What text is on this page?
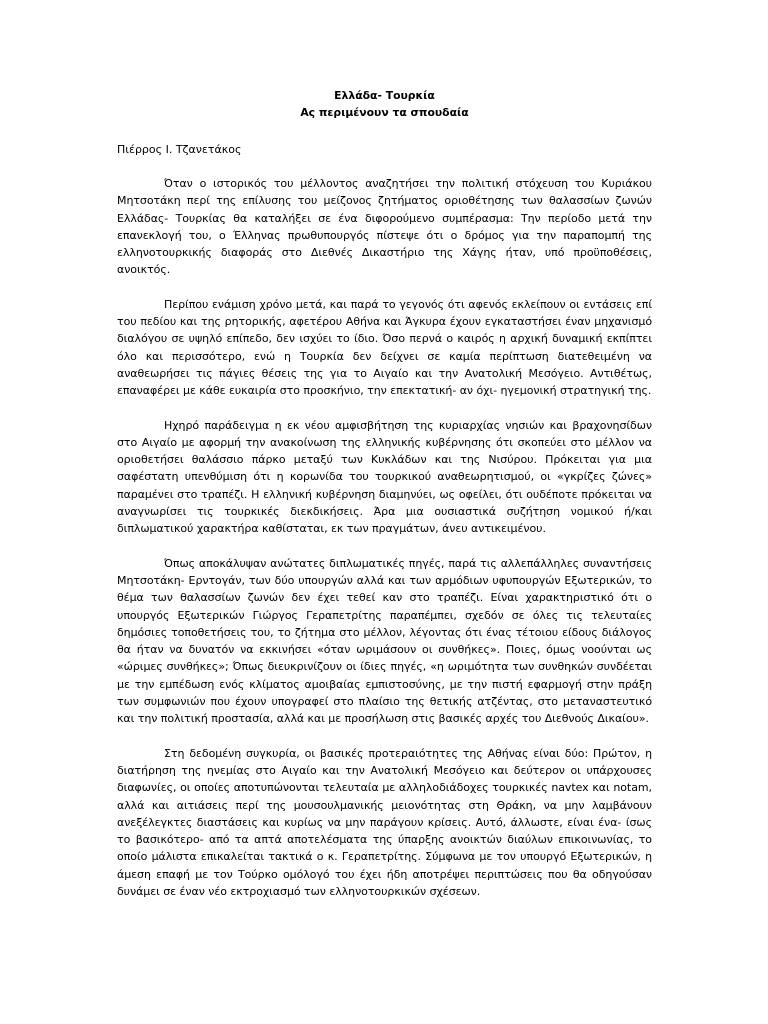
Ελλάδα- Τουρκία

Ας περιμένουν τα σπουδαία

Πιέρρος Ι. Τζανετάκος

Όταν ο ιστορικός του μέλλοντος αναζητήσει την πολιτική στόχευση του Κυριάκου Μητσοτάκη περί της επίλυσης του μείζονος ζητήματος οριοθέτησης των θαλασσίων ζωνών Ελλάδας- Τουρκίας θα καταλήξει σε ένα διφορούμενο συμπέρασμα: Την περίοδο μετά την επανεκλογή του, ο Έλληνας πρωθυπουργός πίστεψε ότι ο δρόμος για την παραπομπή της ελληνοτουρκικής διαφοράς στο Διεθνές Δικαστήριο της Χάγης ήταν, υπό προϋποθέσεις, ανοικτός.

Περίπου ενάμιση χρόνο μετά, και παρά το γεγονός ότι αφενός εκλείπουν οι εντάσεις επί του πεδίου και της ρητορικής, αφετέρου Αθήνα και Άγκυρα έχουν εγκαταστήσει έναν μηχανισμό διαλόγου σε υψηλό επίπεδο, δεν ισχύει το ίδιο. Όσο περνά ο καιρός η αρχική δυναμική εκπίπτει όλο και περισσότερο, ενώ η Τουρκία δεν δείχνει σε καμία περίπτωση διατεθειμένη να αναθεωρήσει τις πάγιες θέσεις της για το Αιγαίο και την Ανατολική Μεσόγειο. Αντιθέτως, επαναφέρει με κάθε ευκαιρία στο προσκήνιο, την επεκτατική- αν όχι- ηγεμονική στρατηγική της.

Ηχηρό παράδειγμα η εκ νέου αμφισβήτηση της κυριαρχίας νησιών και βραχονησίδων στο Αιγαίο με αφορμή την ανακοίνωση της ελληνικής κυβέρνησης ότι σκοπεύει στο μέλλον να οριοθετήσει θαλάσσιο πάρκο μεταξύ των Κυκλάδων και της Νισύρου. Πρόκειται για μια σαφέστατη υπενθύμιση ότι η κορωνίδα του τουρκικού αναθεωρητισμού, οι «γκρίζες ζώνες» παραμένει στο τραπέζι. Η ελληνική κυβέρνηση διαμηνύει, ως οφείλει, ότι ουδέποτε πρόκειται να αναγνωρίσει τις τουρκικές διεκδικήσεις. Άρα μια ουσιαστικά συζήτηση νομικού ή/και διπλωματικού χαρακτήρα καθίσταται, εκ των πραγμάτων, άνευ αντικειμένου.

Όπως αποκάλυψαν ανώτατες διπλωματικές πηγές, παρά τις αλλεπάλληλες συναντήσεις Μητσοτάκη- Ερντογάν, των δύο υπουργών αλλά και των αρμόδιων υφυπουργών Εξωτερικών, το θέμα των θαλασσίων ζωνών δεν έχει τεθεί καν στο τραπέζι. Είναι χαρακτηριστικό ότι ο υπουργός Εξωτερικών Γιώργος Γεραπετρίτης παραπέμπει, σχεδόν σε όλες τις τελευταίες δημόσιες τοποθετήσεις του, το ζήτημα στο μέλλον, λέγοντας ότι ένας τέτοιου είδους διάλογος θα ήταν να δυνατόν να εκκινήσει «όταν ωριμάσουν οι συνθήκες». Ποιες, όμως νοούνται ως «ώριμες συνθήκες»; Όπως διευκρινίζουν οι ίδιες πηγές, «η ωριμότητα των συνθηκών συνδέεται με την εμπέδωση ενός κλίματος αμοιβαίας εμπιστοσύνης, με την πιστή εφαρμογή στην πράξη των συμφωνιών που έχουν υπογραφεί στο πλαίσιο της θετικής ατζέντας, στο μεταναστευτικό και την πολιτική προστασία, αλλά και με προσήλωση στις βασικές αρχές του Διεθνούς Δικαίου».

Στη δεδομένη συγκυρία, οι βασικές προτεραιότητες της Αθήνας είναι δύο: Πρώτον, η διατήρηση της ηνεμίας στο Αιγαίο και την Ανατολική Μεσόγειο και δεύτερον οι υπάρχουσες διαφωνίες, οι οποίες αποτυπώνονται τελευταία με αλληλοδιάδοχες τουρκικές navtex και notam, αλλά και αιτιάσεις περί της μουσουλμανικής μειονότητας στη Θράκη, να μην λαμβάνουν ανεξέλεγκτες διαστάσεις και κυρίως να μην παράγουν κρίσεις. Αυτό, άλλωστε, είναι ένα- ίσως το βασικότερο- από τα απτά αποτελέσματα της ύπαρξης ανοικτών διαύλων επικοινωνίας, το οποίο μάλιστα επικαλείται τακτικά ο κ. Γεραπετρίτης. Σύμφωνα με τον υπουργό Εξωτερικών, η άμεση επαφή με τον Τούρκο ομόλογό του έχει ήδη αποτρέψει περιπτώσεις που θα οδηγούσαν δυνάμει σε έναν νέο εκτροχιασμό των ελληνοτουρκικών σχέσεων.
